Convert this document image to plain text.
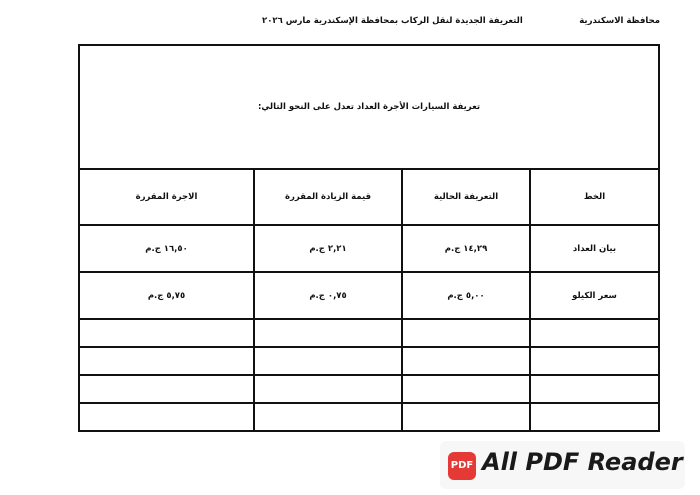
محافظة الاسكندرية
التعريفة الجديدة لنقل الركاب بمحافظة الإسكندرية مارس ٢٠٢٦
تعريفة السيارات الأجرة العداد تعدل على النحو التالي:			
الخط	التعريفة الحالية	قيمة الزيادة المقررة	الاجرة المقررة
بيان العداد	١٤,٢٩ ج.م	٢,٢١ ج.م	١٦,٥٠ ج.م
سعر الكيلو	٥,٠٠ ج.م	٠,٧٥ ج.م	٥,٧٥ ج.م

PDF All PDF Reader
